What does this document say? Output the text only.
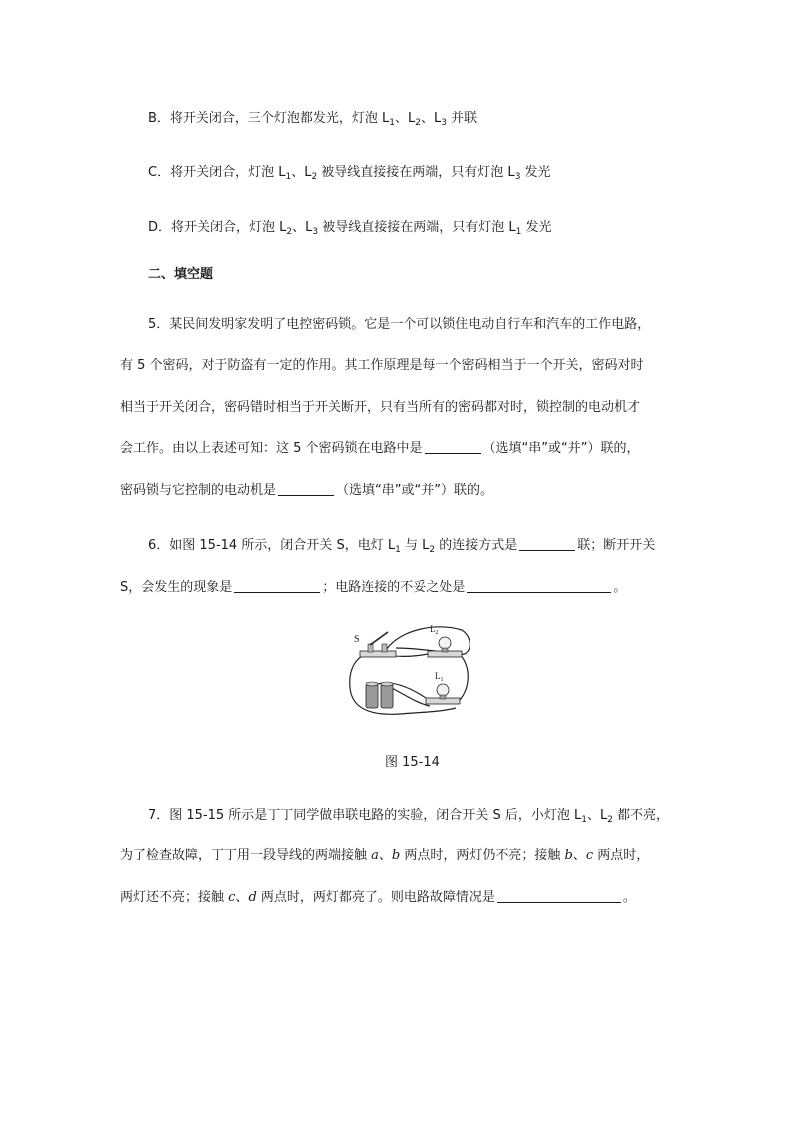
B．将开关闭合，三个灯泡都发光，灯泡 $L_1$、$L_2$、$L_3$ 并联
C．将开关闭合，灯泡 $L_1$、$L_2$ 被导线直接接在两端，只有灯泡 $L_3$ 发光
D．将开关闭合，灯泡 $L_2$、$L_3$ 被导线直接接在两端，只有灯泡 $L_1$ 发光
二、填空题
5．某民间发明家发明了电控密码锁。它是一个可以锁住电动自行车和汽车的工作电路，
有 5 个密码，对于防盗有一定的作用。其工作原理是每一个密码相当于一个开关，密码对时
相当于开关闭合，密码错时相当于开关断开，只有当所有的密码都对时，锁控制的电动机才
会工作。由以上表述可知：这 5 个密码锁在电路中是	（选填“串”或“并”）联的，
密码锁与它控制的电动机是	（选填“串”或“并”）联的。
6．如图 15-14 所示，闭合开关 S，电灯 $L_1$ 与 $L_2$ 的连接方式是	联；断开开关
S，会发生的现象是	；电路连接的不妥之处是	。
S
$L_2$
$L_1$
图 15-14
7．图 15-15 所示是丁丁同学做串联电路的实验，闭合开关 S 后，小灯泡 $L_1$、$L_2$ 都不亮，
为了检查故障，丁丁用一段导线的两端接触 a、b 两点时，两灯仍不亮；接触 b、c 两点时，
两灯还不亮；接触 c、d 两点时，两灯都亮了。则电路故障情况是	。
